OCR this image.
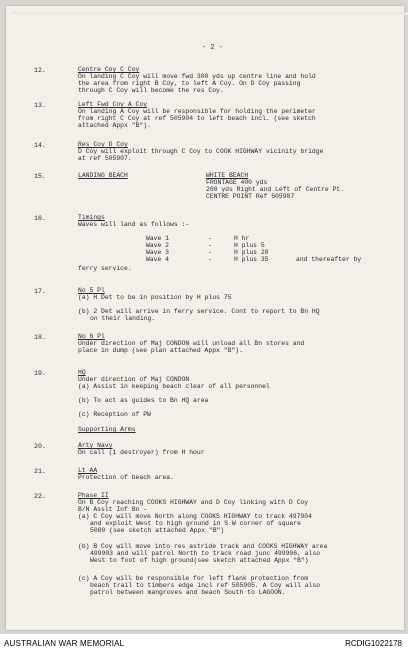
- 2 -
12.	Centre Coy C Coy
On landing C Coy will move fwd 300 yds up centre line and hold
the area from right B Coy, to left A Coy. On D Coy passing
through C Coy will become the res Coy.
13.	Left Fwd Coy A Coy
On landing A Coy will be responsible for holding the perimeter
from right C Coy at ref 505904 to left beach incl. (see sketch
attached Appx "B").
14.	Res Coy D Coy
D Coy will exploit through C Coy to COOK HIGHWAY vicinity bridge
at ref 505907.
15.	LANDING BEACH	WHITE BEACH
FRONTAGE 400 yds
200 yds Right and Left of Centre Pt.
CENTRE POINT Ref 505907
16.	Timings
Waves will land as follows :-
Wave 1	-	H hr
Wave 2	-	H plus 5
Wave 3	-	H plus 20
Wave 4	-	H plus 35	and thereafter by
ferry service.
17.	No 5 Pl
(a) H Det to be in position by H plus 75
(b) 2 Det will arrive in ferry service. Cont to report to Bn HQ
on their landing.
18.	No 6 Pl
Under direction of Maj CONDON will unload all Bn stores and
place in dump (see plan attached Appx "B").
19.	HQ
Under direction of Maj CONDON
(a) Assist in keeping beach clear of all personnel
(b) To act as guides to Bn HQ area
(c) Reception of PW
Supporting Arms
20.	Arty Navy
On call (1 destroyer) from H hour
21.	Lt AA
Protection of beach area.
22.	Phase II
On B Coy reaching COOKS HIGHWAY and D Coy linking with D Coy
B/N Asslt Inf Bn -
(a) C Coy will move North along COOKS HIGHWAY to track 497904
and exploit West to high ground in S W corner of square
5000 (see sketch attached Appx "B")
(b) B Coy will move into res astride track and COOKS HIGHWAY area
499903 and will patrol North to track road junc 499906, also
West to foot of high ground(see sketch attached Appx "B")
(c) A Coy will be responsible for left flank protection from
beach trail to timbers edge incl ref 505905. A Coy will also
patrol between mangroves and beach South to LAGOON.
AUSTRALIAN WAR MEMORIAL	RCDIG1022178
